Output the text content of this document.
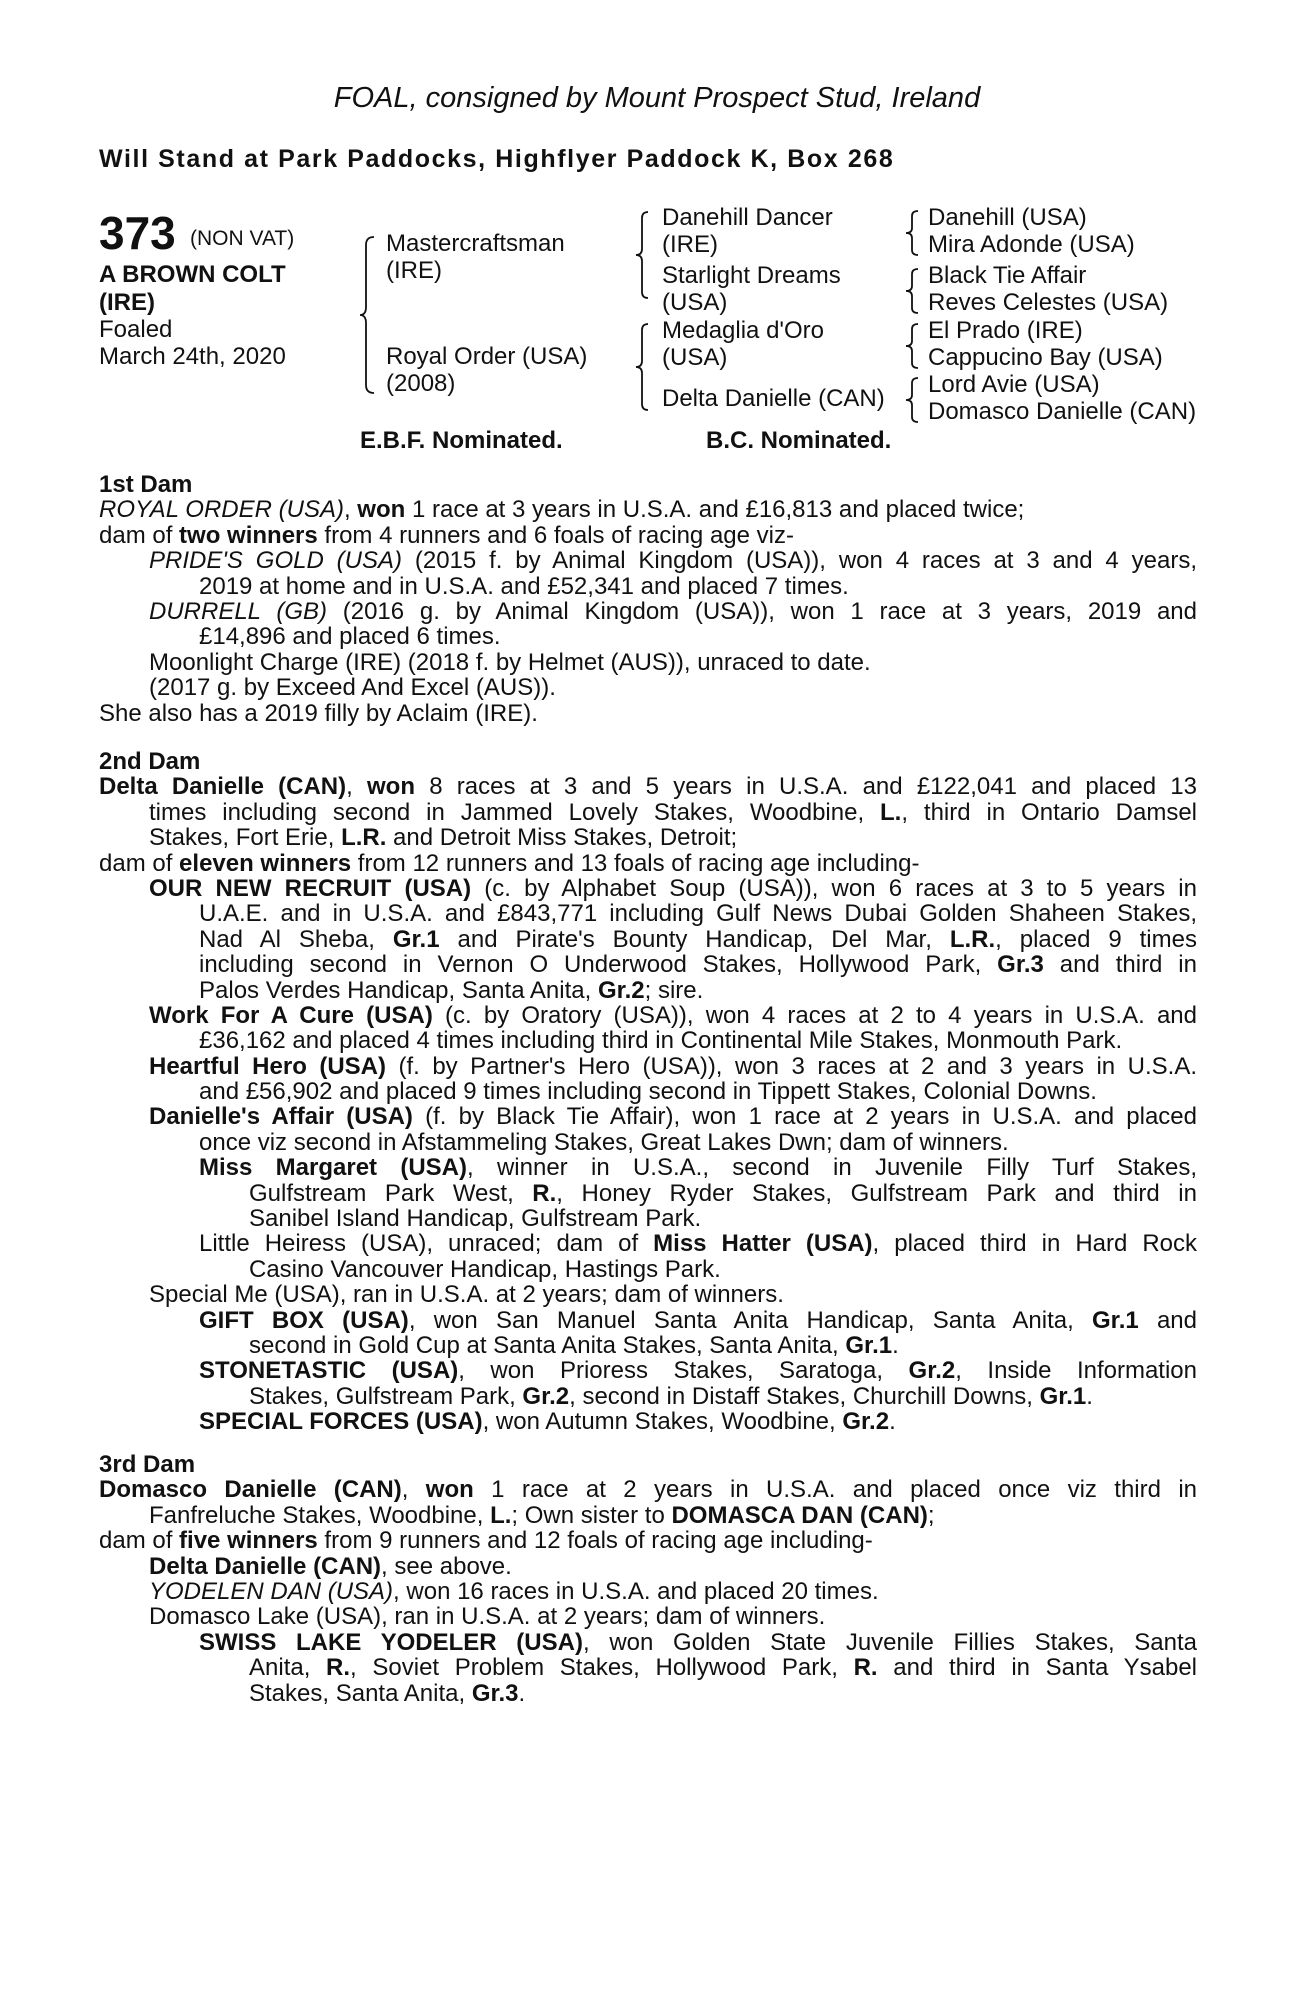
FOAL, consigned by Mount Prospect Stud, Ireland
Will Stand at Park Paddocks, Highflyer Paddock K, Box 268
373 (NON VAT)
A BROWN COLT
(IRE)
Foaled
March 24th, 2020
Mastercraftsman
(IRE)
Royal Order (USA)
(2008)
Danehill Dancer
(IRE)
Starlight Dreams
(USA)
Medaglia d'Oro
(USA)
Delta Danielle (CAN)
Danehill (USA)
Mira Adonde (USA)
Black Tie Affair
Reves Celestes (USA)
El Prado (IRE)
Cappucino Bay (USA)
Lord Avie (USA)
Domasco Danielle (CAN)
E.B.F. Nominated.	B.C. Nominated.
1st Dam
ROYAL ORDER (USA), won 1 race at 3 years in U.S.A. and £16,813 and placed twice;
dam of two winners from 4 runners and 6 foals of racing age viz-
PRIDE'S GOLD (USA) (2015 f. by Animal Kingdom (USA)), won 4 races at 3 and 4 years,
2019 at home and in U.S.A. and £52,341 and placed 7 times.
DURRELL (GB) (2016 g. by Animal Kingdom (USA)), won 1 race at 3 years, 2019 and
£14,896 and placed 6 times.
Moonlight Charge (IRE) (2018 f. by Helmet (AUS)), unraced to date.
(2017 g. by Exceed And Excel (AUS)).
She also has a 2019 filly by Aclaim (IRE).
2nd Dam
Delta Danielle (CAN), won 8 races at 3 and 5 years in U.S.A. and £122,041 and placed 13
times including second in Jammed Lovely Stakes, Woodbine, L., third in Ontario Damsel
Stakes, Fort Erie, L.R. and Detroit Miss Stakes, Detroit;
dam of eleven winners from 12 runners and 13 foals of racing age including-
OUR NEW RECRUIT (USA) (c. by Alphabet Soup (USA)), won 6 races at 3 to 5 years in
U.A.E. and in U.S.A. and £843,771 including Gulf News Dubai Golden Shaheen Stakes,
Nad Al Sheba, Gr.1 and Pirate's Bounty Handicap, Del Mar, L.R., placed 9 times
including second in Vernon O Underwood Stakes, Hollywood Park, Gr.3 and third in
Palos Verdes Handicap, Santa Anita, Gr.2; sire.
Work For A Cure (USA) (c. by Oratory (USA)), won 4 races at 2 to 4 years in U.S.A. and
£36,162 and placed 4 times including third in Continental Mile Stakes, Monmouth Park.
Heartful Hero (USA) (f. by Partner's Hero (USA)), won 3 races at 2 and 3 years in U.S.A.
and £56,902 and placed 9 times including second in Tippett Stakes, Colonial Downs.
Danielle's Affair (USA) (f. by Black Tie Affair), won 1 race at 2 years in U.S.A. and placed
once viz second in Afstammeling Stakes, Great Lakes Dwn; dam of winners.
Miss Margaret (USA), winner in U.S.A., second in Juvenile Filly Turf Stakes,
Gulfstream Park West, R., Honey Ryder Stakes, Gulfstream Park and third in
Sanibel Island Handicap, Gulfstream Park.
Little Heiress (USA), unraced; dam of Miss Hatter (USA), placed third in Hard Rock
Casino Vancouver Handicap, Hastings Park.
Special Me (USA), ran in U.S.A. at 2 years; dam of winners.
GIFT BOX (USA), won San Manuel Santa Anita Handicap, Santa Anita, Gr.1 and
second in Gold Cup at Santa Anita Stakes, Santa Anita, Gr.1.
STONETASTIC (USA), won Prioress Stakes, Saratoga, Gr.2, Inside Information
Stakes, Gulfstream Park, Gr.2, second in Distaff Stakes, Churchill Downs, Gr.1.
SPECIAL FORCES (USA), won Autumn Stakes, Woodbine, Gr.2.
3rd Dam
Domasco Danielle (CAN), won 1 race at 2 years in U.S.A. and placed once viz third in
Fanfreluche Stakes, Woodbine, L.; Own sister to DOMASCA DAN (CAN);
dam of five winners from 9 runners and 12 foals of racing age including-
Delta Danielle (CAN), see above.
YODELEN DAN (USA), won 16 races in U.S.A. and placed 20 times.
Domasco Lake (USA), ran in U.S.A. at 2 years; dam of winners.
SWISS LAKE YODELER (USA), won Golden State Juvenile Fillies Stakes, Santa
Anita, R., Soviet Problem Stakes, Hollywood Park, R. and third in Santa Ysabel
Stakes, Santa Anita, Gr.3.
